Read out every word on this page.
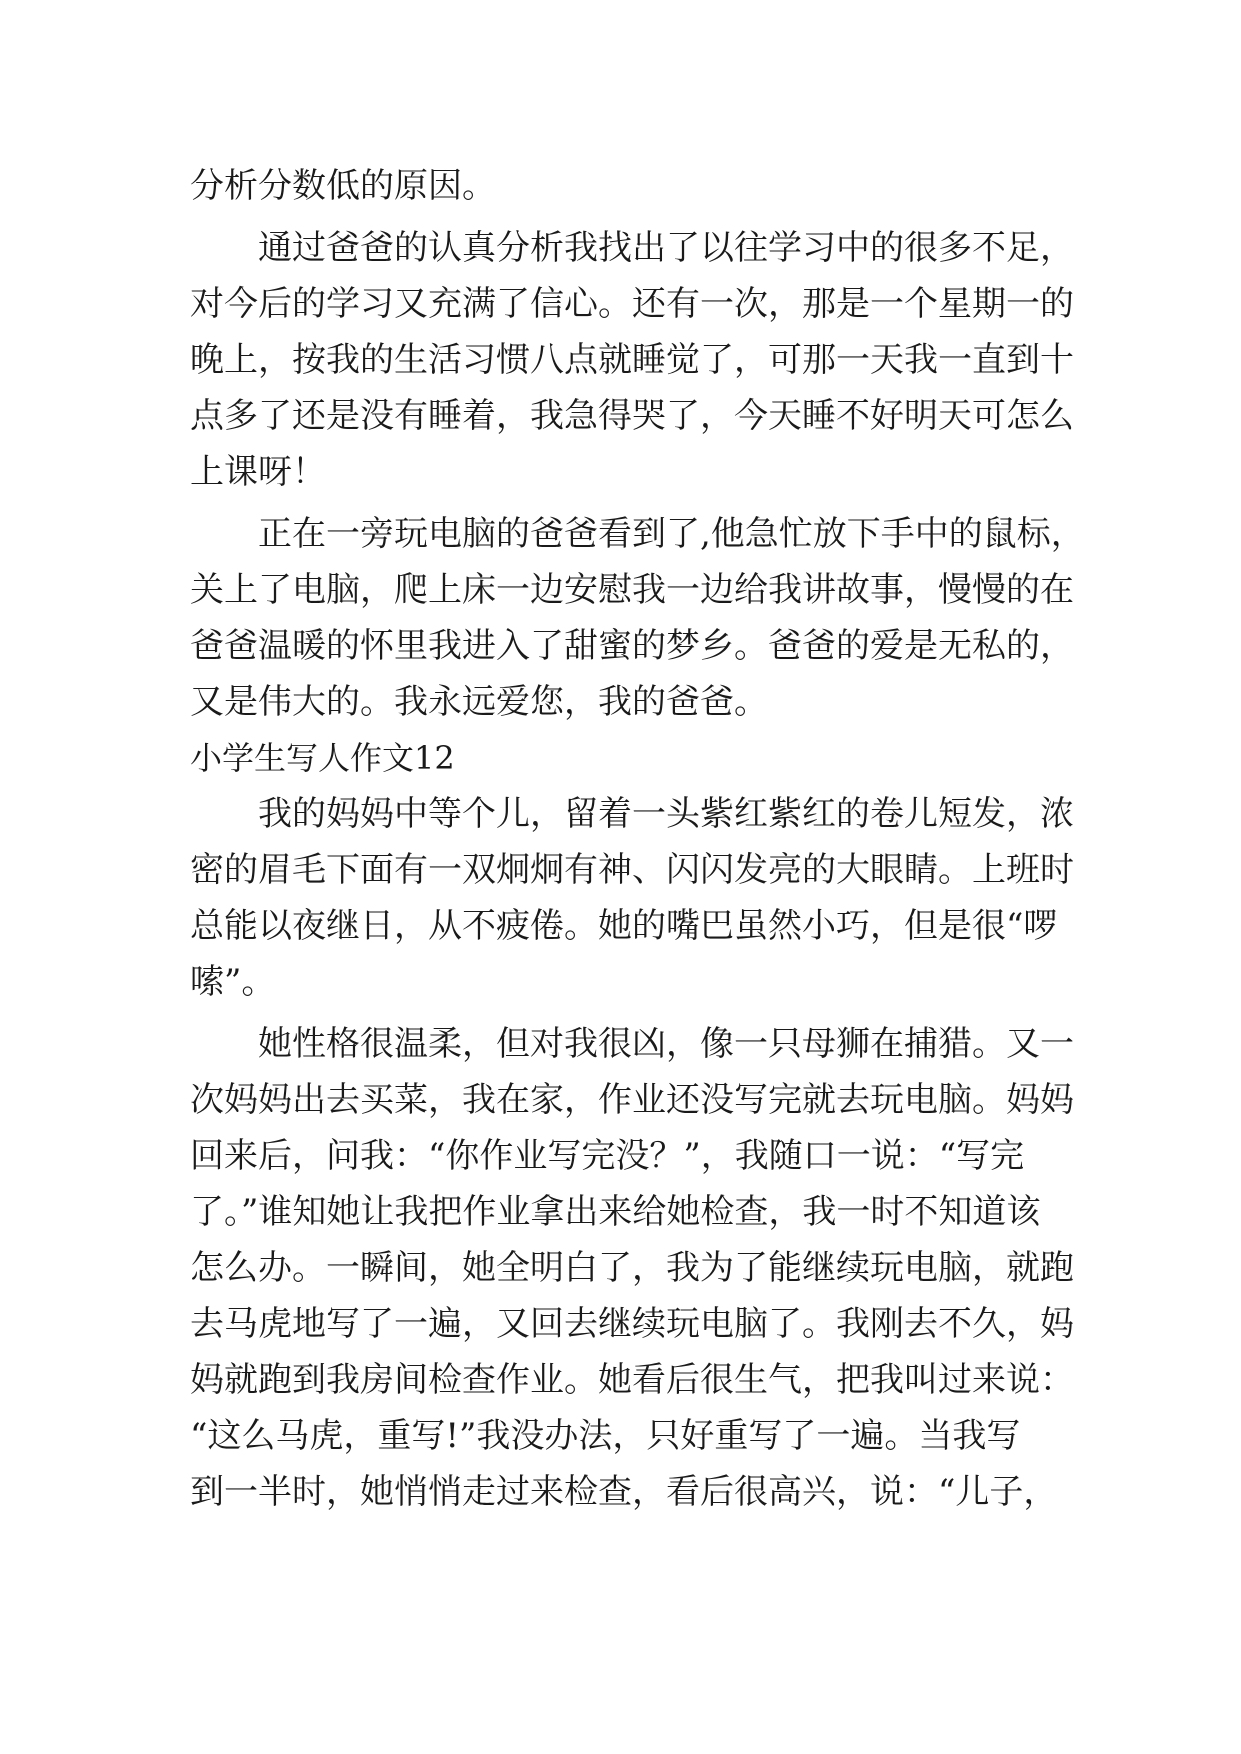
分析分数低的原因。
通过爸爸的认真分析我找出了以往学习中的很多不足，
对今后的学习又充满了信心。还有一次，那是一个星期一的
晚上，按我的生活习惯八点就睡觉了，可那一天我一直到十
点多了还是没有睡着，我急得哭了，今天睡不好明天可怎么
上课呀！
正在一旁玩电脑的爸爸看到了,他急忙放下手中的鼠标，
关上了电脑，爬上床一边安慰我一边给我讲故事，慢慢的在
爸爸温暖的怀里我进入了甜蜜的梦乡。爸爸的爱是无私的，
又是伟大的。我永远爱您，我的爸爸。
小学生写人作文12
我的妈妈中等个儿，留着一头紫红紫红的卷儿短发，浓
密的眉毛下面有一双炯炯有神、闪闪发亮的大眼睛。上班时
总能以夜继日，从不疲倦。她的嘴巴虽然小巧，但是很“啰
嗦”。
她性格很温柔，但对我很凶，像一只母狮在捕猎。又一
次妈妈出去买菜，我在家，作业还没写完就去玩电脑。妈妈
回来后，问我：“你作业写完没？”，我随口一说：“写完
了。”谁知她让我把作业拿出来给她检查，我一时不知道该
怎么办。一瞬间，她全明白了，我为了能继续玩电脑，就跑
去马虎地写了一遍，又回去继续玩电脑了。我刚去不久，妈
妈就跑到我房间检查作业。她看后很生气，把我叫过来说：
“这么马虎，重写!”我没办法，只好重写了一遍。当我写
到一半时，她悄悄走过来检查，看后很高兴，说：“儿子，
